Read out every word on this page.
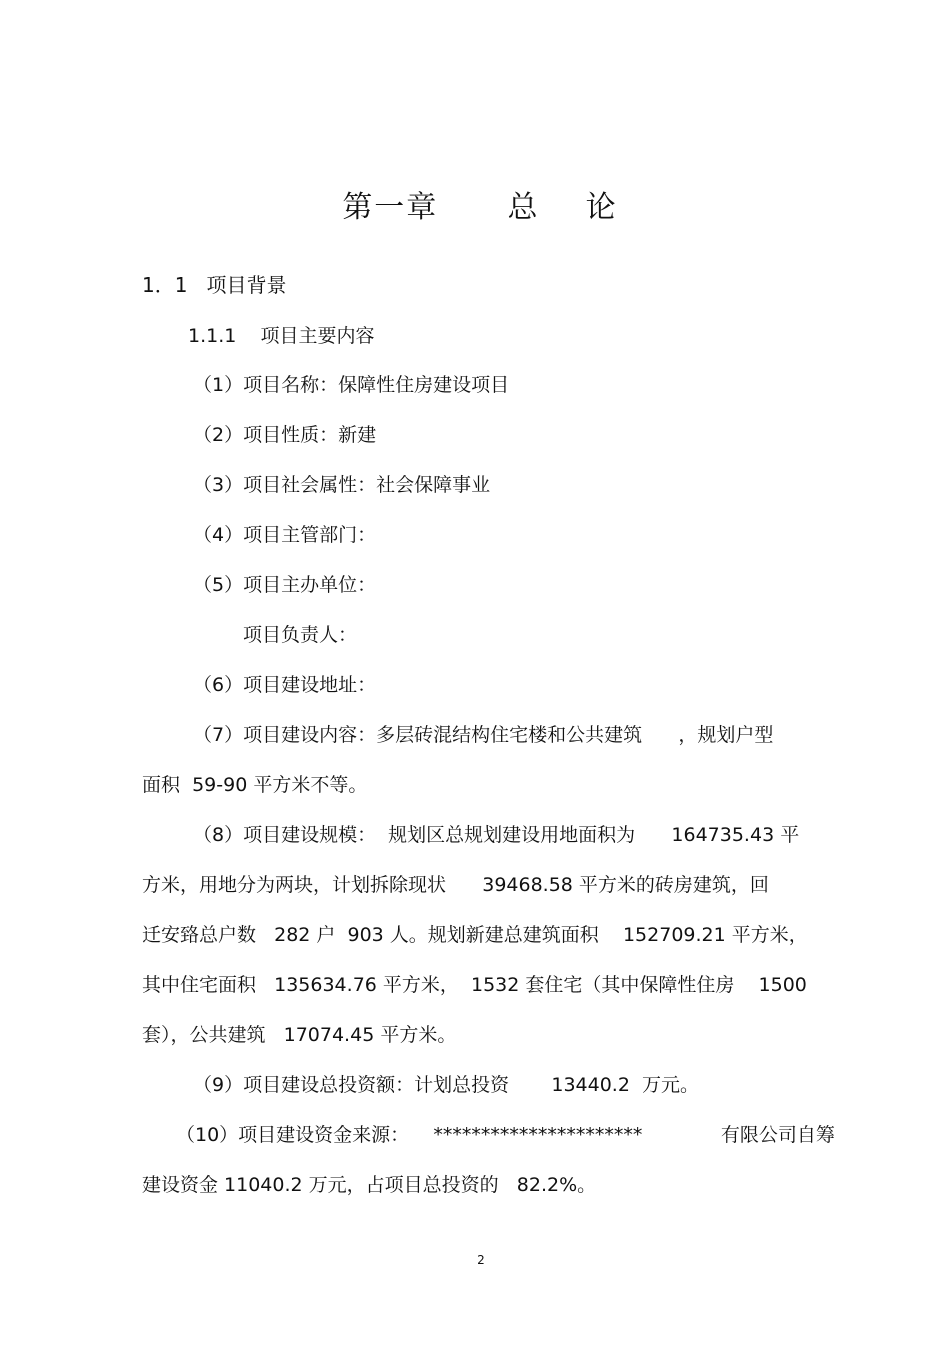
第一章      总    论
1．1 项目背景
1.1.1 项目主要内容
（1）项目名称：保障性住房建设项目
（2）项目性质：新建
（3）项目社会属性：社会保障事业
（4）项目主管部门：
（5）项目主办单位：
项目负责人：
（6）项目建设地址：
（7）项目建设内容：多层砖混结构住宅楼和公共建筑      ，规划户型
面积  59-90 平方米不等。
（8）项目建设规模：  规划区总规划建设用地面积为      164735.43 平
方米，用地分为两块，计划拆除现状      39468.58 平方米的砖房建筑，回
迁安臵总户数   282 户  903 人。规划新建总建筑面积    152709.21 平方米，
其中住宅面积   135634.76 平方米，  1532 套住宅（其中保障性住房    1500
套），公共建筑   17074.45 平方米。
（9）项目建设总投资额：计划总投资       13440.2  万元。
（10）项目建设资金来源：    **********************             有限公司自筹
建设资金 11040.2 万元，占项目总投资的   82.2%。
2
